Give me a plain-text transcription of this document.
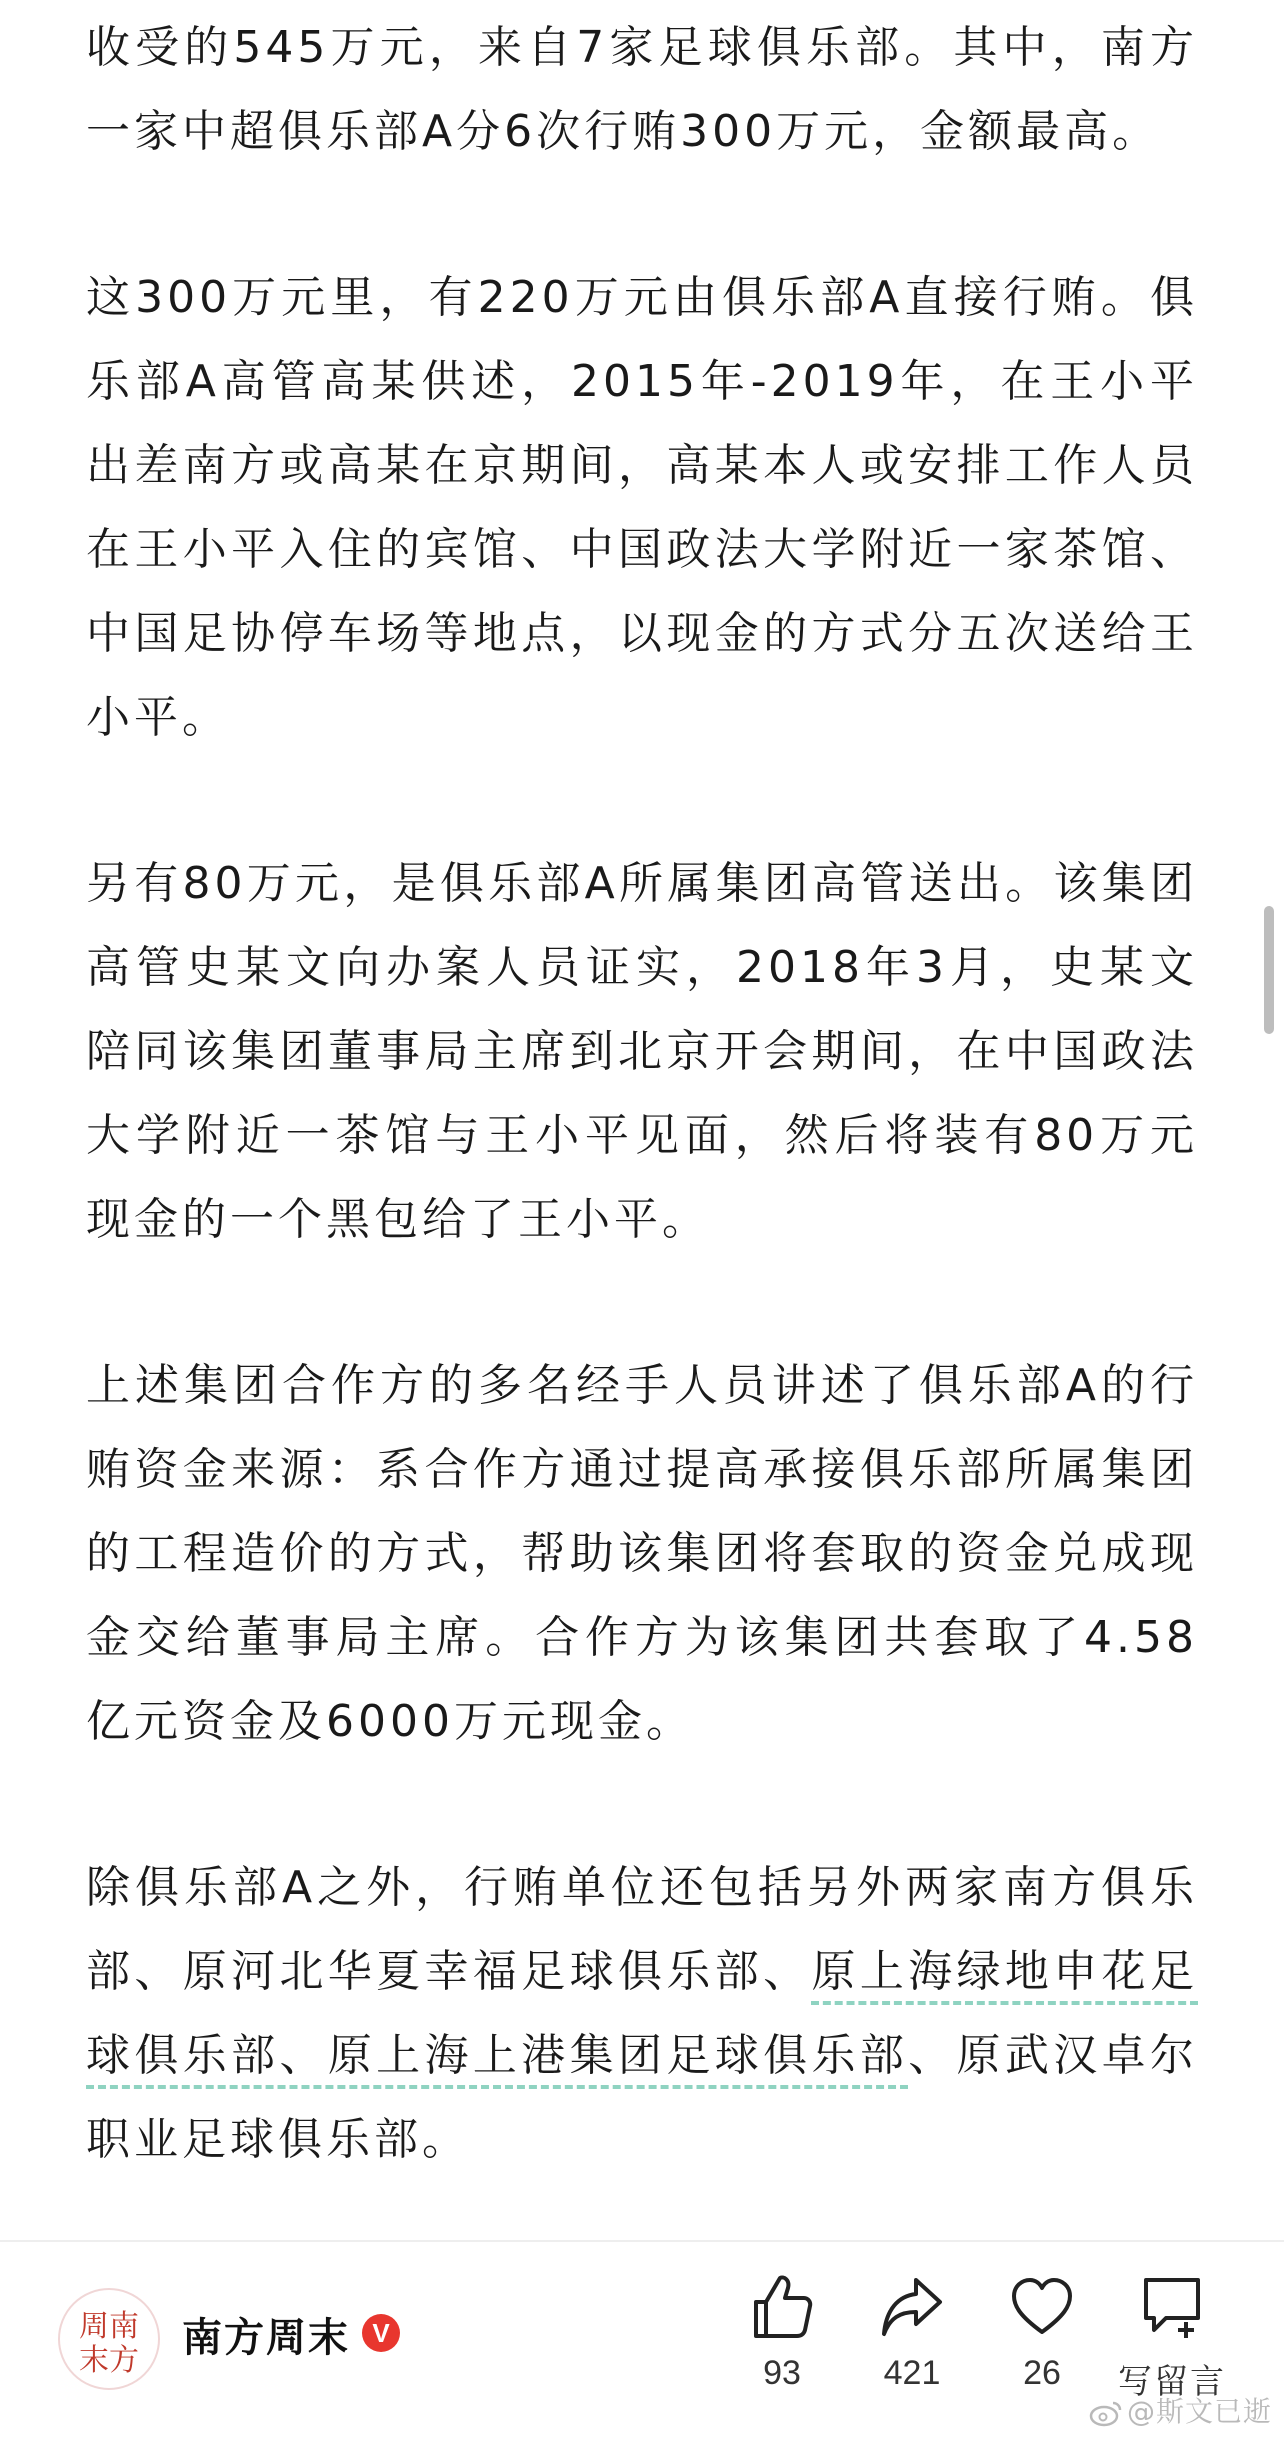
收受的545万元，来自7家足球俱乐部。其中，南方一家中超俱乐部A分6次行贿300万元，金额最高。

这300万元里，有220万元由俱乐部A直接行贿。俱乐部A高管高某供述，2015年-2019年，在王小平出差南方或高某在京期间，高某本人或安排工作人员在王小平入住的宾馆、中国政法大学附近一家茶馆、中国足协停车场等地点，以现金的方式分五次送给王小平。

另有80万元，是俱乐部A所属集团高管送出。该集团高管史某文向办案人员证实，2018年3月，史某文陪同该集团董事局主席到北京开会期间，在中国政法大学附近一茶馆与王小平见面，然后将装有80万元现金的一个黑包给了王小平。

上述集团合作方的多名经手人员讲述了俱乐部A的行贿资金来源：系合作方通过提高承接俱乐部所属集团的工程造价的方式，帮助该集团将套取的资金兑成现金交给董事局主席。合作方为该集团共套取了4.58亿元资金及6000万元现金。

除俱乐部A之外，行贿单位还包括另外两家南方俱乐部、原河北华夏幸福足球俱乐部、原上海绿地申花足球俱乐部、原上海上港集团足球俱乐部、原武汉卓尔职业足球俱乐部。

周南
末方 南方周末 V
93	421	26	写留言
@斯文已逝
